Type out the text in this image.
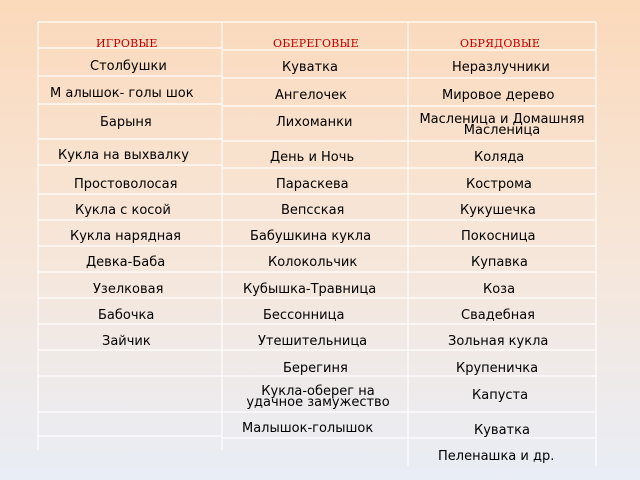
ИГРОВЫЕ	ОБЕРЕГОВЫЕ	ОБРЯДОВЫЕ
Столбушки
М алышок- голы шок
Барыня
Кукла на выхвалку
Простоволосая
Кукла с косой
Кукла нарядная
Девка-Баба
Узелковая
Бабочка
Зайчик
Куватка
Ангелочек
Лихоманки
День и Ночь
Параскева
Вепсская
Бабушкина кукла
Колокольчик
Кубышка-Травница
Бессонница
Утешительница
Берегиня
Кукла-оберег на удачное замужество
Малышок-голышок
Неразлучники
Мировое дерево
Масленица и Домашняя Масленица
Коляда
Кострома
Кукушечка
Покосница
Купавка
Коза
Свадебная
Зольная кукла
Крупеничка
Капуста
Куватка
Пеленашка и др.
